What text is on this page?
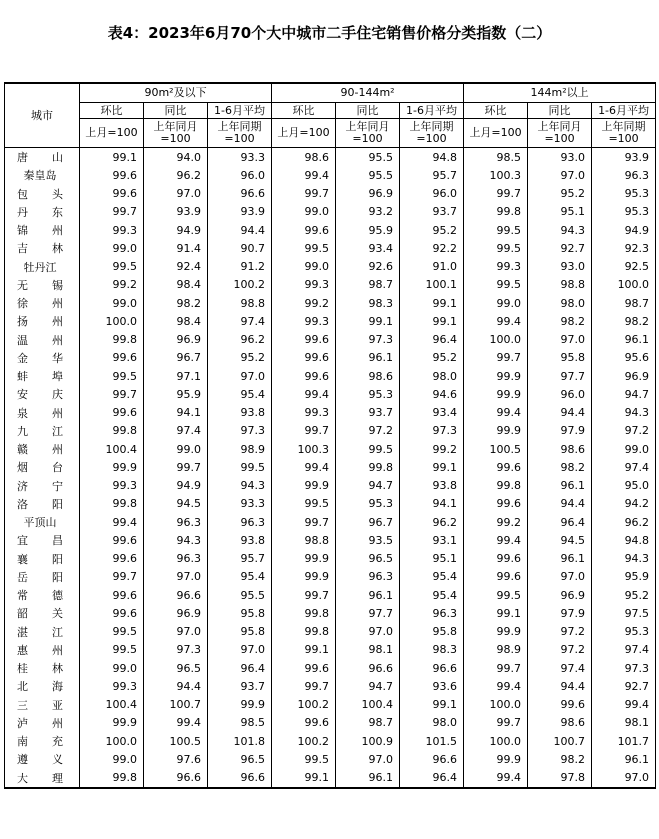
表4：2023年6月70个大中城市二手住宅销售价格分类指数（二）
城市	90m²及以下			90-144m²			144m²以上		
	环比	同比	1-6月平均	环比	同比	1-6月平均	环比	同比	1-6月平均
	上月=100	上年同月=100	上年同期=100	上月=100	上年同月=100	上年同期=100	上月=100	上年同月=100	上年同期=100

唐 山	99.1	94.0	93.3	98.6	95.5	94.8	98.5	93.0	93.9

秦 皇 岛	99.6	96.2	96.0	99.4	95.5	95.7	100.3	97.0	96.3

包 头	99.6	97.0	96.6	99.7	96.9	96.0	99.7	95.2	95.3

丹 东	99.7	93.9	93.9	99.0	93.2	93.7	99.8	95.1	95.3

锦 州	99.3	94.9	94.4	99.6	95.9	95.2	99.5	94.3	94.9

吉 林	99.0	91.4	90.7	99.5	93.4	92.2	99.5	92.7	92.3

牡 丹 江	99.5	92.4	91.2	99.0	92.6	91.0	99.3	93.0	92.5

无 锡	99.2	98.4	100.2	99.3	98.7	100.1	99.5	98.8	100.0

徐 州	99.0	98.2	98.8	99.2	98.3	99.1	99.0	98.0	98.7

扬 州	100.0	98.4	97.4	99.3	99.1	99.1	99.4	98.2	98.2

温 州	99.8	96.9	96.2	99.6	97.3	96.4	100.0	97.0	96.1

金 华	99.6	96.7	95.2	99.6	96.1	95.2	99.7	95.8	95.6

蚌 埠	99.5	97.1	97.0	99.6	98.6	98.0	99.9	97.7	96.9

安 庆	99.7	95.9	95.4	99.4	95.3	94.6	99.9	96.0	94.7

泉 州	99.6	94.1	93.8	99.3	93.7	93.4	99.4	94.4	94.3

九 江	99.8	97.4	97.3	99.7	97.2	97.3	99.9	97.9	97.2

赣 州	100.4	99.0	98.9	100.3	99.5	99.2	100.5	98.6	99.0

烟 台	99.9	99.7	99.5	99.4	99.8	99.1	99.6	98.2	97.4

济 宁	99.3	94.9	94.3	99.9	94.7	93.8	99.8	96.1	95.0

洛 阳	99.8	94.5	93.3	99.5	95.3	94.1	99.6	94.4	94.2

平 顶 山	99.4	96.3	96.3	99.7	96.7	96.2	99.2	96.4	96.2

宜 昌	99.6	94.3	93.8	98.8	93.5	93.1	99.4	94.5	94.8

襄 阳	99.6	96.3	95.7	99.9	96.5	95.1	99.6	96.1	94.3

岳 阳	99.7	97.0	95.4	99.9	96.3	95.4	99.6	97.0	95.9

常 德	99.6	96.6	95.5	99.7	96.1	95.4	99.5	96.9	95.2

韶 关	99.6	96.9	95.8	99.8	97.7	96.3	99.1	97.9	97.5

湛 江	99.5	97.0	95.8	99.8	97.0	95.8	99.9	97.2	95.3

惠 州	99.5	97.3	97.0	99.1	98.1	98.3	98.9	97.2	97.4

桂 林	99.0	96.5	96.4	99.6	96.6	96.6	99.7	97.4	97.3

北 海	99.3	94.4	93.7	99.7	94.7	93.6	99.4	94.4	92.7

三 亚	100.4	100.7	99.9	100.2	100.4	99.1	100.0	99.6	99.4

泸 州	99.9	99.4	98.5	99.6	98.7	98.0	99.7	98.6	98.1

南 充	100.0	100.5	101.8	100.2	100.9	101.5	100.0	100.7	101.7

遵 义	99.0	97.6	96.5	99.5	97.0	96.6	99.9	98.2	96.1

大 理	99.8	96.6	96.6	99.1	96.1	96.4	99.4	97.8	97.0
